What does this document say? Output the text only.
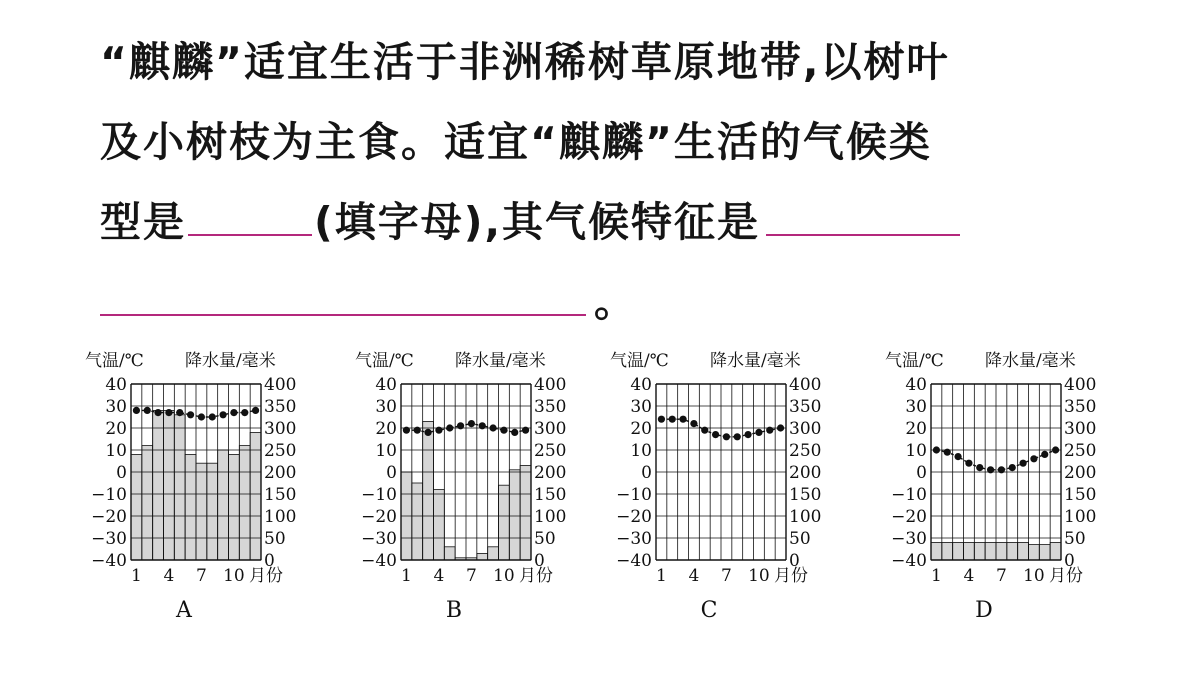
“麒麟”适宜生活于非洲稀树草原地带,以树叶
及小树枝为主食。适宜“麒麟”生活的气候类
型是	(填字母),其气候特征是
。
气温/℃ 降水量/毫米
40
30
20
10
0
−10
−20
−30
−40
400
350
300
250
200
150
100
50
0
1 4 7 10 月份
A
气温/℃ 降水量/毫米
40
30
20
10
0
−10
−20
−30
−40
400
350
300
250
200
150
100
50
0
1 4 7 10 月份
B
气温/℃ 降水量/毫米
40
30
20
10
0
−10
−20
−30
−40
400
350
300
250
200
150
100
50
0
1 4 7 10 月份
C
气温/℃ 降水量/毫米
40
30
20
10
0
−10
−20
−30
−40
400
350
300
250
200
150
100
50
0
1 4 7 10 月份
D
